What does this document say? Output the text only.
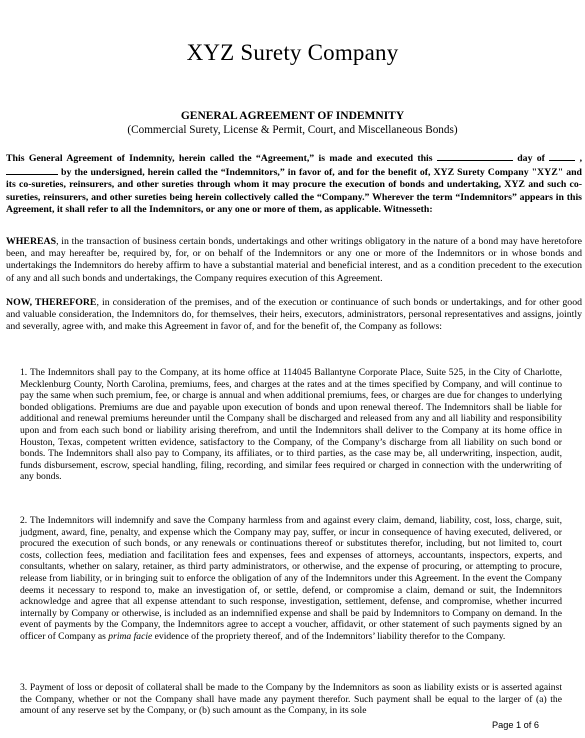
XYZ Surety Company
GENERAL AGREEMENT OF INDEMNITY
(Commercial Surety, License & Permit, Court, and Miscellaneous Bonds)
This General Agreement of Indemnity, herein called the “Agreement,” is made and executed this	day of	,  by the undersigned, herein called the “Indemnitors,” in favor of, and for the benefit of, XYZ Surety Company "XYZ" and its co-sureties, reinsurers, and other sureties through whom it may procure the execution of bonds and undertaking, XYZ and such co-sureties, reinsurers, and other sureties being herein collectively called the “Company.” Wherever the term “Indemnitors” appears in this Agreement, it shall refer to all the Indemnitors, or any one or more of them, as applicable. Witnesseth:
WHEREAS, in the transaction of business certain bonds, undertakings and other writings obligatory in the nature of a bond may have heretofore been, and may hereafter be, required by, for, or on behalf of the Indemnitors or any one or more of the Indemnitors or in whose bonds and undertakings the Indemnitors do hereby affirm to have a substantial material and beneficial interest, and as a condition precedent to the execution of any and all such bonds and undertakings, the Company requires execution of this Agreement.
NOW, THEREFORE, in consideration of the premises, and of the execution or continuance of such bonds or undertakings, and for other good and valuable consideration, the Indemnitors do, for themselves, their heirs, executors, administrators, personal representatives and assigns, jointly and severally, agree with, and make this Agreement in favor of, and for the benefit of, the Company as follows:
1. The Indemnitors shall pay to the Company, at its home office at 114045 Ballantyne Corporate Place, Suite 525, in the City of Charlotte, Mecklenburg County, North Carolina, premiums, fees, and charges at the rates and at the times specified by Company, and will continue to pay the same when such premium, fee, or charge is annual and when additional premiums, fees, or charges are due for changes to underlying bonded obligations. Premiums are due and payable upon execution of bonds and upon renewal thereof. The Indemnitors shall be liable for additional and renewal premiums hereunder until the Company shall be discharged and released from any and all liability and responsibility upon and from each such bond or liability arising therefrom, and until the Indemnitors shall deliver to the Company at its home office in Houston, Texas, competent written evidence, satisfactory to the Company, of the Company’s discharge from all liability on such bond or bonds. The Indemnitors shall also pay to Company, its affiliates, or to third parties, as the case may be, all underwriting, inspection, audit, funds disbursement, escrow, special handling, filing, recording, and similar fees required or charged in connection with the underwriting of any bonds.
2. The Indemnitors will indemnify and save the Company harmless from and against every claim, demand, liability, cost, loss, charge, suit, judgment, award, fine, penalty, and expense which the Company may pay, suffer, or incur in consequence of having executed, delivered, or procured the execution of such bonds, or any renewals or continuations thereof or substitutes therefor, including, but not limited to, court costs, collection fees, mediation and facilitation fees and expenses, fees and expenses of attorneys, accountants, inspectors, experts, and consultants, whether on salary, retainer, as third party administrators, or otherwise, and the expense of procuring, or attempting to procure, release from liability, or in bringing suit to enforce the obligation of any of the Indemnitors under this Agreement. In the event the Company deems it necessary to respond to, make an investigation of, or settle, defend, or compromise a claim, demand or suit, the Indemnitors acknowledge and agree that all expense attendant to such response, investigation, settlement, defense, and compromise, whether incurred internally by Company or otherwise, is included as an indemnified expense and shall be paid by Indemnitors to Company on demand. In the event of payments by the Company, the Indemnitors agree to accept a voucher, affidavit, or other statement of such payments signed by an officer of Company as prima facie evidence of the propriety thereof, and of the Indemnitors’ liability therefor to the Company.
3. Payment of loss or deposit of collateral shall be made to the Company by the Indemnitors as soon as liability exists or is asserted against the Company, whether or not the Company shall have made any payment therefor. Such payment shall be equal to the larger of (a) the amount of any reserve set by the Company, or (b) such amount as the Company, in its sole
Page 1 of 6
